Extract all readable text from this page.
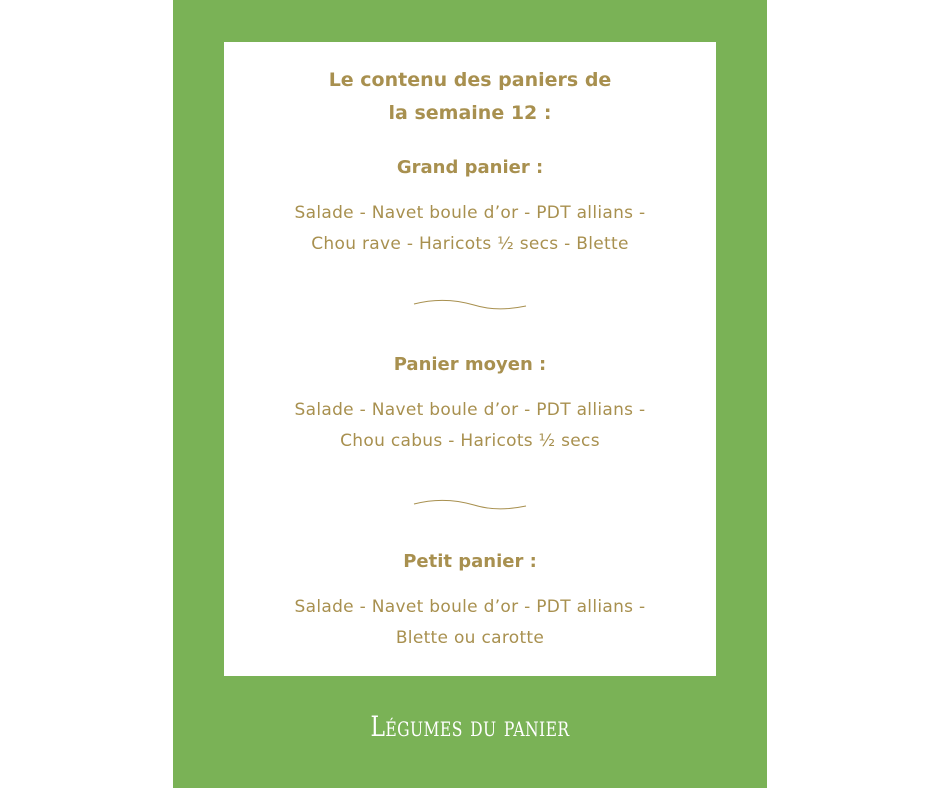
Le contenu des paniers de
la semaine 12 :

Grand panier :

Salade - Navet boule d’or - PDT allians -
Chou rave - Haricots ½ secs - Blette

Panier moyen :

Salade - Navet boule d’or - PDT allians -
Chou cabus - Haricots ½ secs

Petit panier :

Salade - Navet boule d’or - PDT allians -
Blette ou carotte

Légumes du panier
